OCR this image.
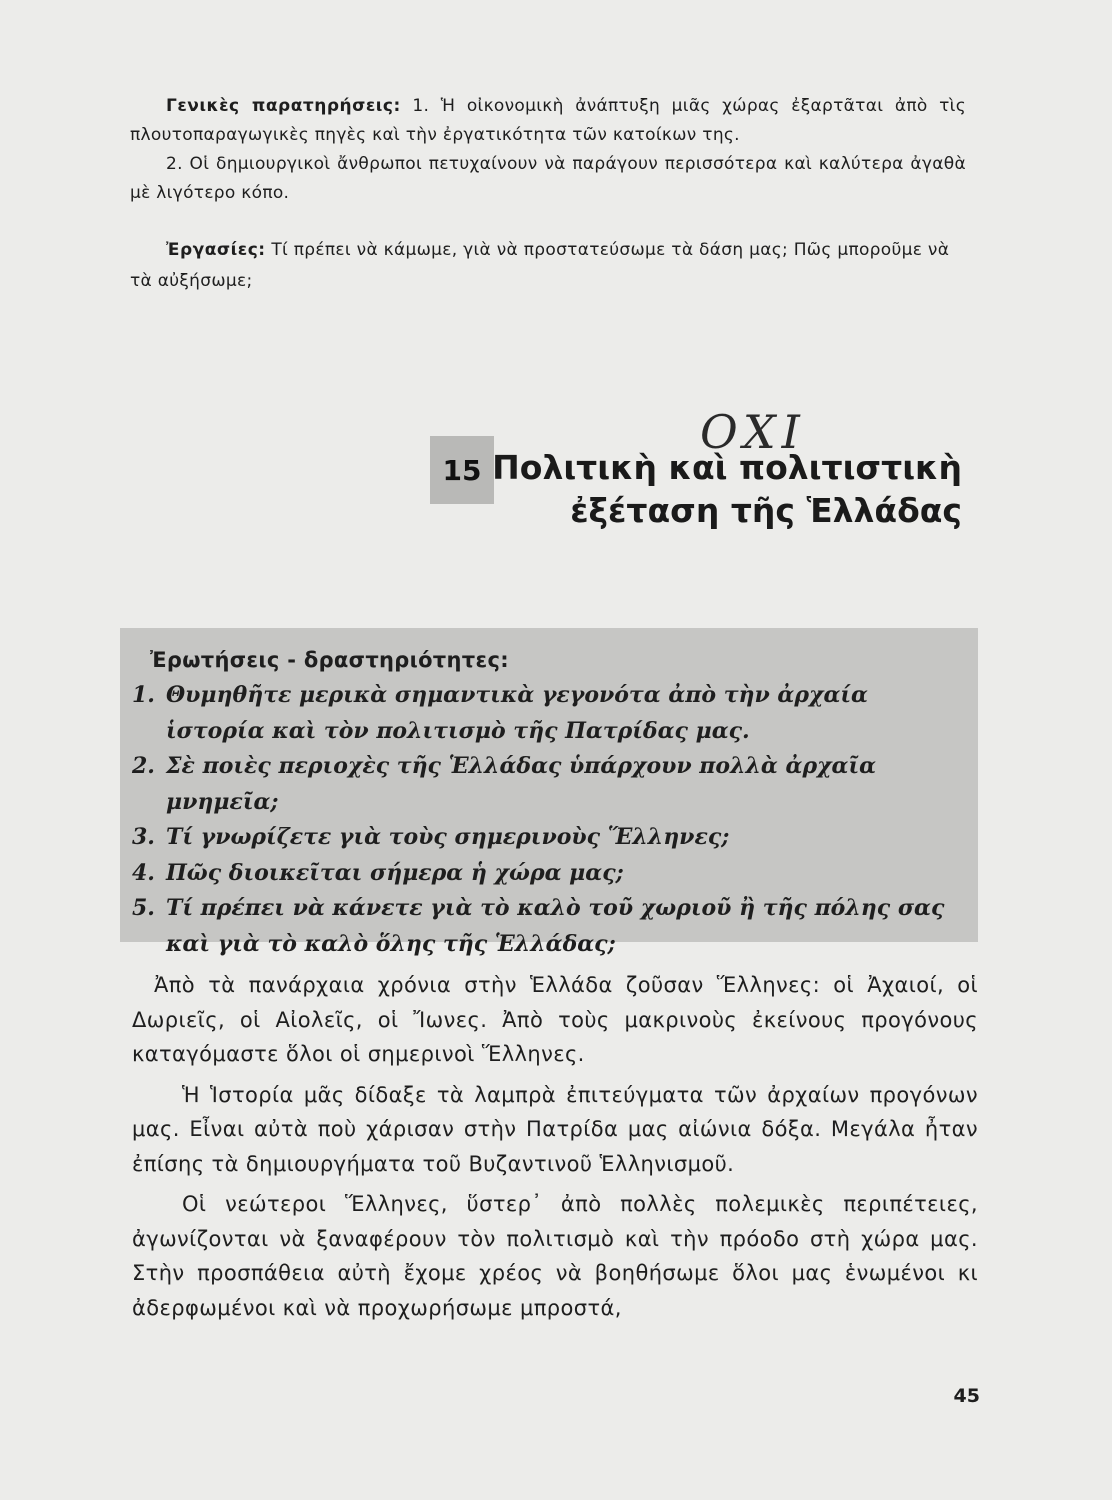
Γενικὲς παρατηρήσεις: 1. Ἡ οἰκονομικὴ ἀνάπτυξη μιᾶς χώρας ἐξαρτᾶται ἀπὸ τὶς πλουτοπαραγωγικὲς πηγὲς καὶ τὴν ἐργατικότητα τῶν κατοίκων της.

2. Οἱ δημιουργικοὶ ἄνθρωποι πετυχαίνουν νὰ παράγουν περισσότερα καὶ καλύτερα ἀγαθὰ μὲ λιγότερο κόπο.

Ἐργασίες: Τί πρέπει νὰ κάμωμε, γιὰ νὰ προστατεύσωμε τὰ δάση μας; Πῶς μποροῦμε νὰ τὰ αὐξήσωμε;

OXI
15 Πολιτικὴ καὶ πολιτιστικὴ
ἐξέταση τῆς Ἑλλάδας
Ἐρωτήσεις - δραστηριότητες:
1. Θυμηθῆτε μερικὰ σημαντικὰ γεγονότα ἀπὸ τὴν ἀρχαία ἱστορία καὶ τὸν πολιτισμὸ τῆς Πατρίδας μας.
2. Σὲ ποιὲς περιοχὲς τῆς Ἑλλάδας ὑπάρχουν πολλὰ ἀρχαῖα μνημεῖα;
3. Τί γνωρίζετε γιὰ τοὺς σημερινοὺς Ἕλληνες;
4. Πῶς διοικεῖται σήμερα ἡ χώρα μας;
5. Τί πρέπει νὰ κάνετε γιὰ τὸ καλὸ τοῦ χωριοῦ ἢ τῆς πόλης σας καὶ γιὰ τὸ καλὸ ὅλης τῆς Ἑλλάδας;

Ἀπὸ τὰ πανάρχαια χρόνια στὴν Ἑλλάδα ζοῦσαν Ἕλληνες: οἱ Ἀχαιοί, οἱ Δωριεῖς, οἱ Αἰολεῖς, οἱ Ἴωνες. Ἀπὸ τοὺς μακρινοὺς ἐκείνους προγόνους καταγόμαστε ὅλοι οἱ σημερινοὶ Ἕλληνες.

Ἡ Ἱστορία μᾶς δίδαξε τὰ λαμπρὰ ἐπιτεύγματα τῶν ἀρχαίων προγόνων μας. Εἶναι αὐτὰ ποὺ χάρισαν στὴν Πατρίδα μας αἰώνια δόξα. Μεγάλα ἦταν ἐπίσης τὰ δημιουργήματα τοῦ Βυζαντινοῦ Ἑλληνισμοῦ.

Οἱ νεώτεροι Ἕλληνες, ὕστερ᾽ ἀπὸ πολλὲς πολεμικὲς περιπέτειες, ἀγωνίζονται νὰ ξαναφέρουν τὸν πολιτισμὸ καὶ τὴν πρόοδο στὴ χώρα μας. Στὴν προσπάθεια αὐτὴ ἔχομε χρέος νὰ βοηθήσωμε ὅλοι μας ἑνωμένοι κι ἀδερφωμένοι καὶ νὰ προχωρήσωμε μπροστά,

45
